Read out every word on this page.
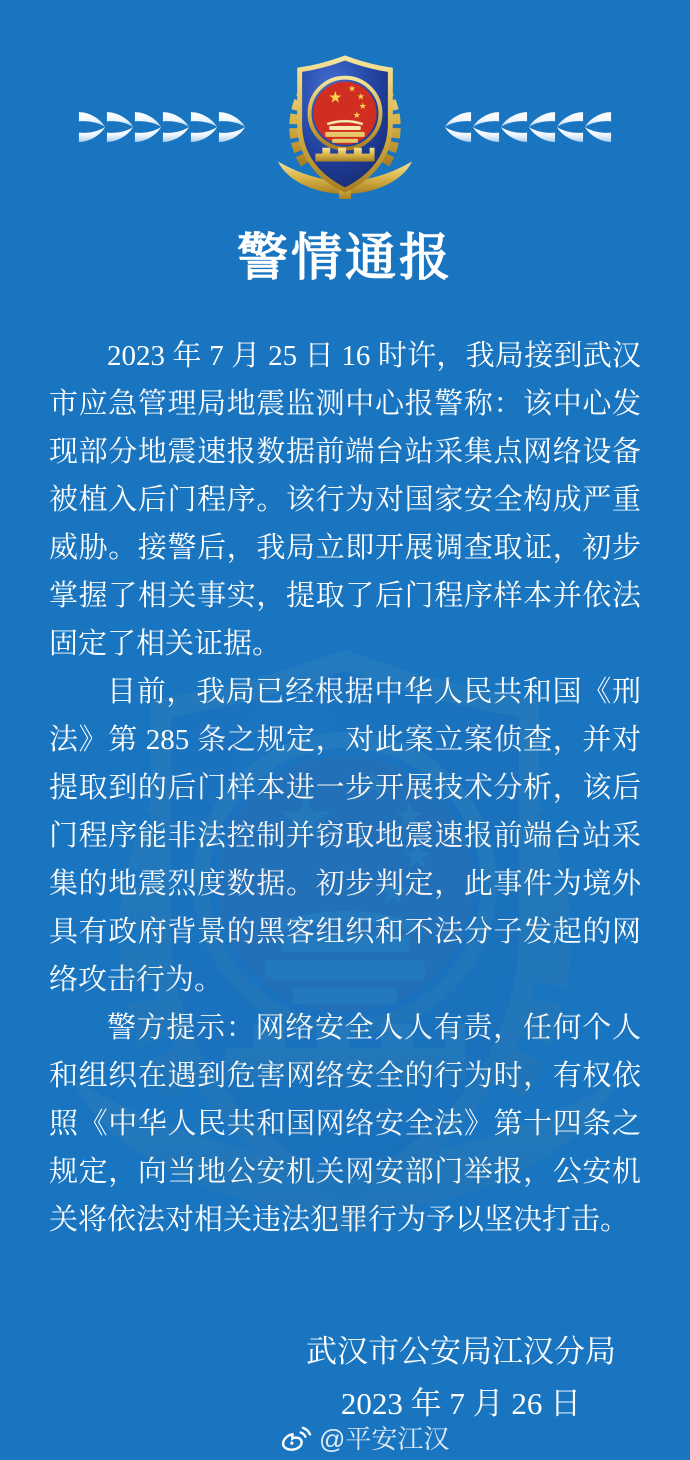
警情通报

2023 年 7 月 25 日 16 时许，我局接到武汉市应急管理局地震监测中心报警称：该中心发现部分地震速报数据前端台站采集点网络设备被植入后门程序。该行为对国家安全构成严重威胁。接警后，我局立即开展调查取证，初步掌握了相关事实，提取了后门程序样本并依法固定了相关证据。

目前，我局已经根据中华人民共和国《刑法》第 285 条之规定，对此案立案侦查，并对提取到的后门样本进一步开展技术分析，该后门程序能非法控制并窃取地震速报前端台站采集的地震烈度数据。初步判定，此事件为境外具有政府背景的黑客组织和不法分子发起的网络攻击行为。

警方提示：网络安全人人有责，任何个人和组织在遇到危害网络安全的行为时，有权依照《中华人民共和国网络安全法》第十四条之规定，向当地公安机关网安部门举报，公安机关将依法对相关违法犯罪行为予以坚决打击。

武汉市公安局江汉分局
2023 年 7 月 26 日
@平安江汉
